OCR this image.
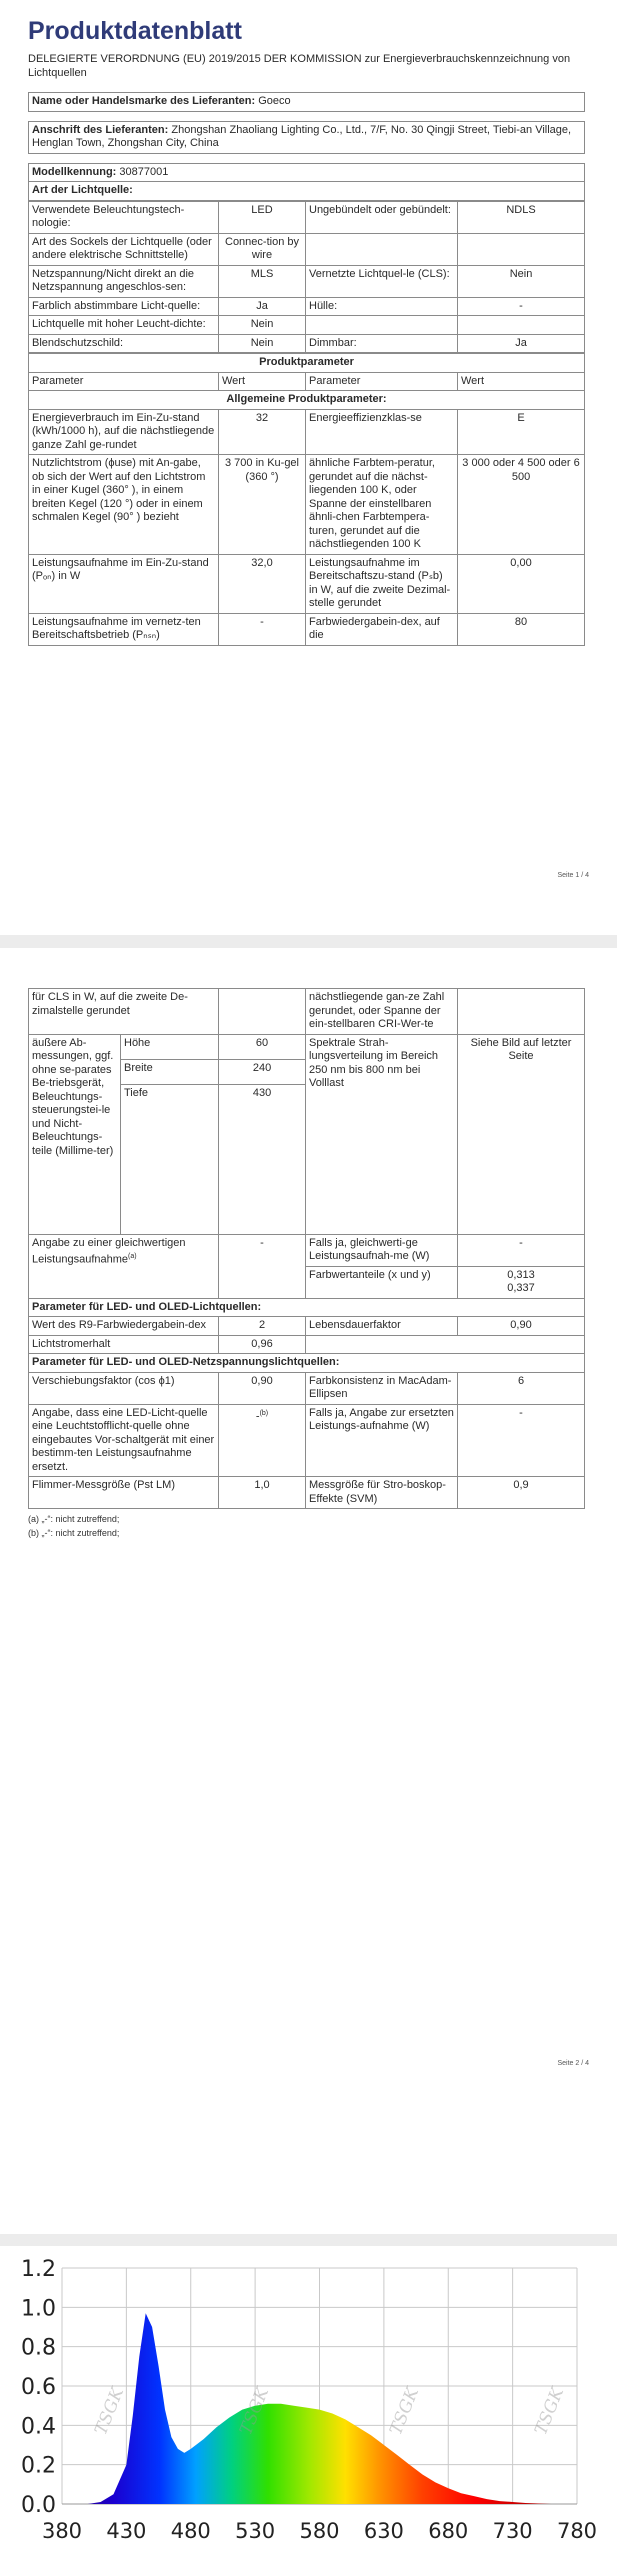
Produktdatenblatt
DELEGIERTE VERORDNUNG (EU) 2019/2015 DER KOMMISSION zur Energieverbrauchskennzeichnung von Lichtquellen
Name oder Handelsmarke des Lieferanten: Goeco

Anschrift des Lieferanten: Zhongshan Zhaoliang Lighting Co., Ltd., 7/F, No. 30 Qingji Street, Tiebi-an Village, Henglan Town, Zhongshan City, China

Modellkennung: 30877001
Art der Lichtquelle:
Verwendete Beleuchtungstech-nologie:	LED	Ungebündelt oder gebündelt:	NDLS
Art des Sockels der Lichtquelle (oder andere elektrische Schnittstelle)	Connec-tion by wire		
Netzspannung/Nicht direkt an die Netzspannung angeschlos-sen:	MLS	Vernetzte Lichtquel-le (CLS):	Nein
Farblich abstimmbare Licht-quelle:	Ja	Hülle:	-
Lichtquelle mit hoher Leucht-dichte:	Nein		
Blendschutzschild:	Nein	Dimmbar:	Ja
Produktparameter			
Parameter	Wert	Parameter	Wert
Allgemeine Produktparameter:			
Energieverbrauch im Ein-Zu-stand (kWh/1000 h), auf die nächstliegende ganze Zahl ge-rundet	32	Energieeffizienzklas-se	E
Nutzlichtstrom (ϕuse) mit An-gabe, ob sich der Wert auf den Lichtstrom in einer Kugel (360° ), in einem breiten Kegel (120 °) oder in einem schmalen Kegel (90° ) bezieht	3 700 in Ku-gel (360 °)	ähnliche Farbtem-peratur, gerundet auf die nächst-liegenden 100 K, oder Spanne der einstellbaren ähnli-chen Farbtempera-turen, gerundet auf die nächstliegenden 100 K	3 000 oder 4 500 oder 6 500
Leistungsaufnahme im Ein-Zu-stand (Pₒₙ) in W	32,0	Leistungsaufnahme im Bereitschaftszu-stand (Pₛb) in W, auf die zweite Dezimal-stelle gerundet	0,00
Leistungsaufnahme im vernetz-ten Bereitschaftsbetrieb (Pₙₛₙ)	-	Farbwiedergabein-dex, auf die	80
Seite 1 / 4
für CLS in W, auf die zweite De-zimalstelle gerundet			nächstliegende gan-ze Zahl gerundet, oder Spanne der ein-stellbaren CRI-Wer-te	
äußere Ab-messungen, ggf. ohne se-parates Be-triebsgerät, Beleuchtungs-steuerungstei-le und Nicht-Beleuchtungs-teile (Millime-ter)	Höhe	60	Spektrale Strah-lungsverteilung im Bereich 250 nm bis 800 nm bei Volllast	Siehe Bild auf letzter Seite
	Breite	240		
	Tiefe	430		
Angabe zu einer gleichwertigen Leistungsaufnahme$^{(a)}$		-	Falls ja, gleichwerti-ge Leistungsaufnah-me (W)	-
			Farbwertanteile (x und y)	0,313
0,337
Parameter für LED- und OLED-Lichtquellen:				
Wert des R9-Farbwiedergabein-dex		2	Lebensdauerfaktor	0,90
Lichtstromerhalt		0,96		
Parameter für LED- und OLED-Netzspannungslichtquellen:				
Verschiebungsfaktor (cos ϕ1)		0,90	Farbkonsistenz in MacAdam-Ellipsen	6
Angabe, dass eine LED-Licht-quelle eine Leuchtstofflicht-quelle ohne eingebautes Vor-schaltgerät mit einer bestimm-ten Leistungsaufnahme ersetzt.		-$^{(b)}$	Falls ja, Angabe zur ersetzten Leistungs-aufnahme (W)	-
Flimmer-Messgröße (Pst LM)		1,0	Messgröße für Stro-boskop-Effekte (SVM)	0,9
(a) „-“: nicht zutreffend;
(b) „-“: nicht zutreffend;
Seite 2 / 4
TSGK	TSGK	TSGK	TSGK
0.0
0.2
0.4
0.6
0.8
1.0
1.2
380 430 480 530 580 630 680 730 780
